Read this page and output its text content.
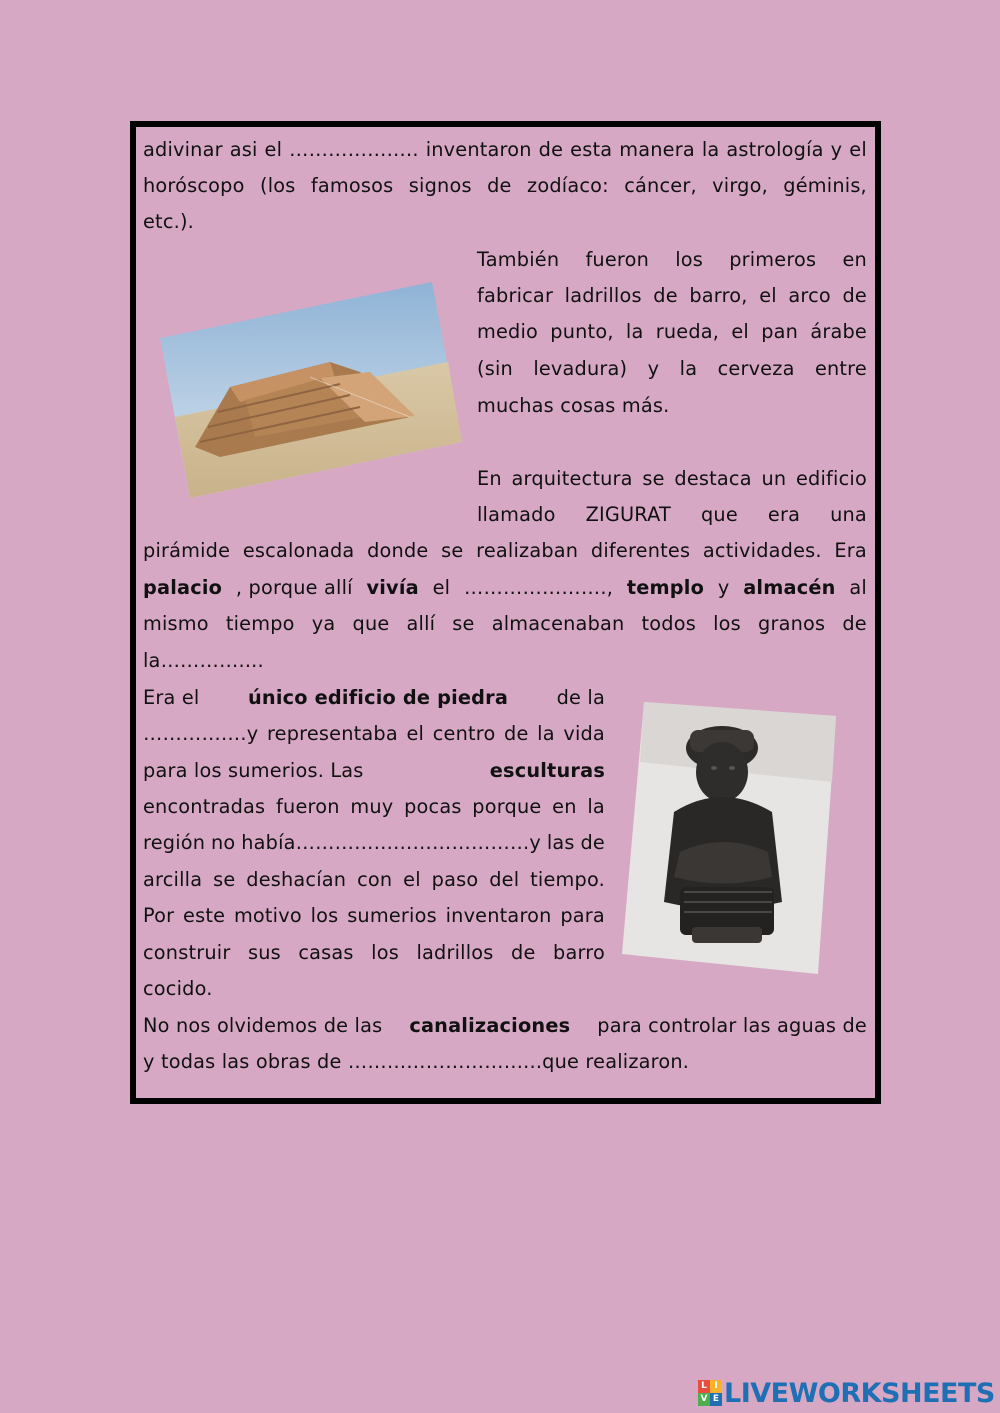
adivinar asi el ……………….. inventaron de esta manera la astrología y el
horóscopo (los famosos signos de zodíaco: cáncer, virgo, géminis,
etc.).
También fueron los primeros en
fabricar ladrillos de barro, el arco de
medio punto, la rueda, el pan árabe
(sin levadura) y la cerveza entre
muchas cosas más.
En arquitectura se destaca un edificio
llamado ZIGURAT que era una
pirámide escalonada donde se realizaban diferentes actividades. Era
palacio , porque allí vivía el …………………., templo y almacén al
mismo tiempo ya que allí se almacenaban todos los granos de
la…………....
Era el	único edificio de piedra	de la
…………….y representaba el centro de la vida
para los sumerios. Las	esculturas
encontradas fueron muy pocas porque en la
región no había………………………………y las de
arcilla se deshacían con el paso del tiempo.
Por este motivo los sumerios inventaron para
construir sus casas los ladrillos de barro
cocido.
No nos olvidemos de las canalizaciones para controlar las aguas de
y todas las obras de ………………………...que realizaron.
L I
V E LIVEWORKSHEETS
